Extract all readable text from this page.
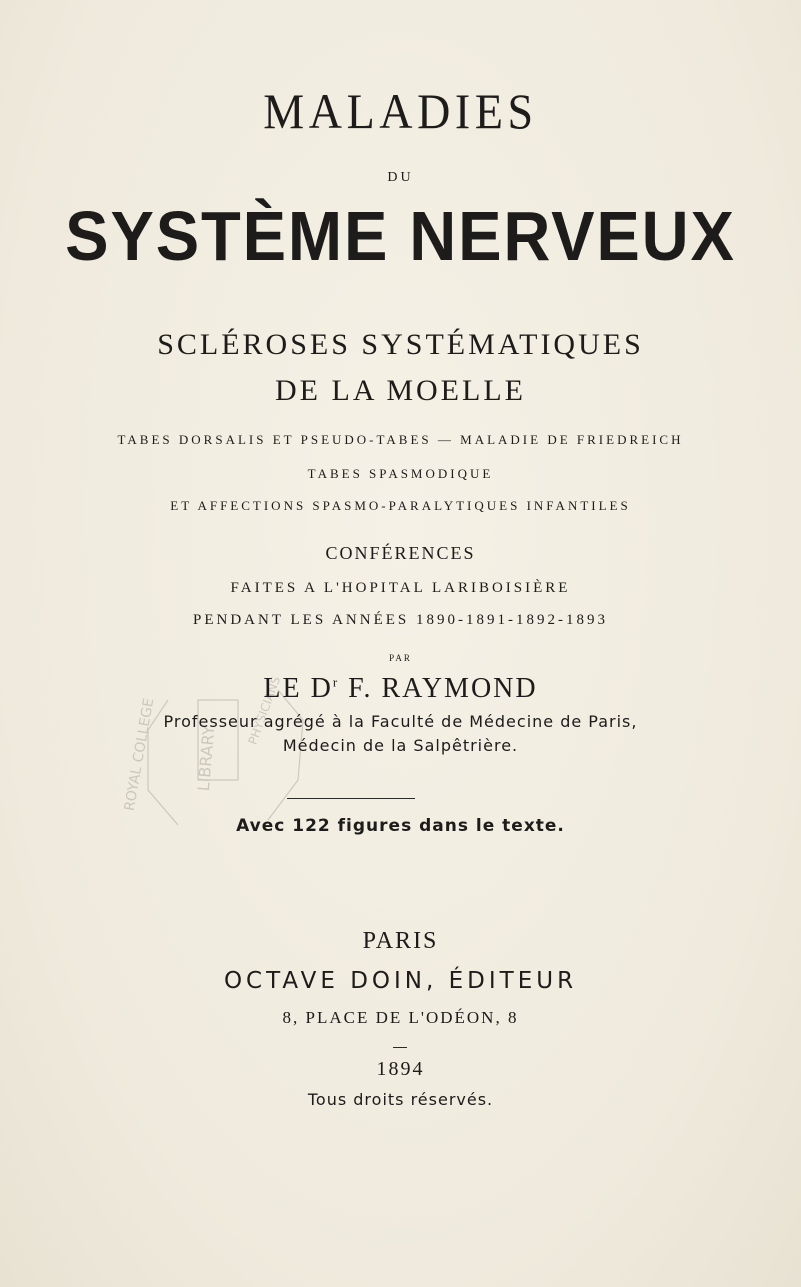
ROYAL COLLEGE LIBRARY
PHYSICIANS
MALADIES
DU
SYSTÈME NERVEUX
SCLÉROSES SYSTÉMATIQUES
DE LA MOELLE
TABES DORSALIS ET PSEUDO-TABES — MALADIE DE FRIEDREICH
TABES SPASMODIQUE
ET AFFECTIONS SPASMO-PARALYTIQUES INFANTILES
CONFÉRENCES
FAITES A L'HOPITAL LARIBOISIÈRE
PENDANT LES ANNÉES 1890-1891-1892-1893
PAR
LE $D^r$ F. RAYMOND
Professeur agrégé à la Faculté de Médecine de Paris,
Médecin de la Salpêtrière.
Avec 122 figures dans le texte.
PARIS
OCTAVE DOIN, ÉDITEUR
8, PLACE DE L'ODÉON, 8
1894
Tous droits réservés.
